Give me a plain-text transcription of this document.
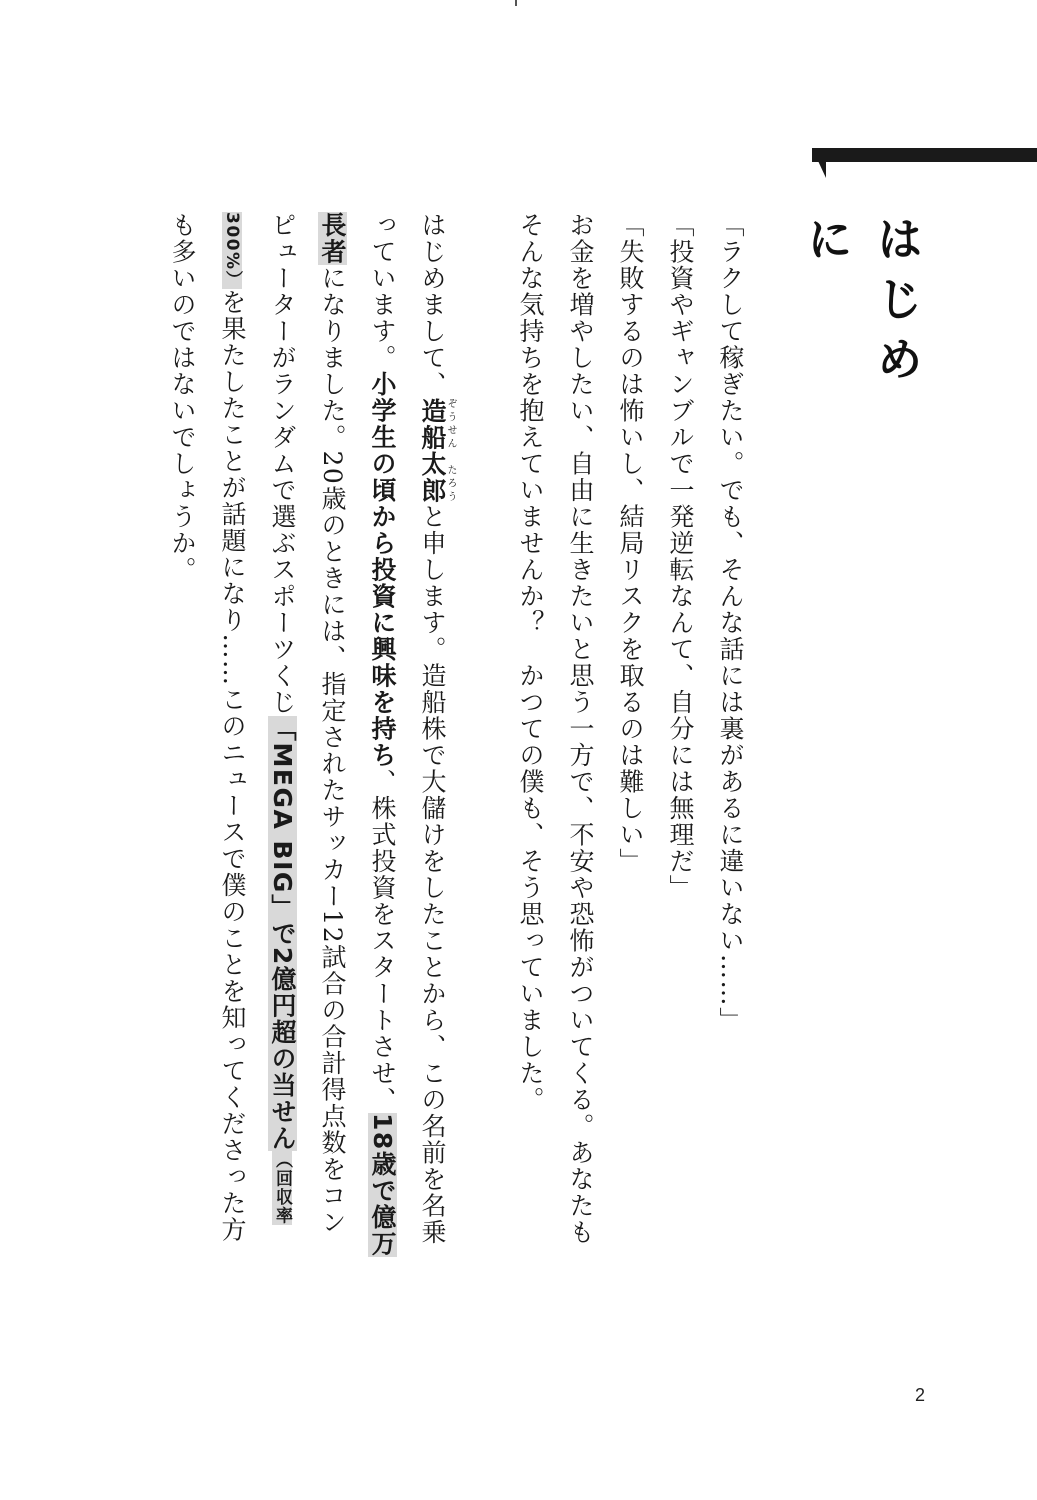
はじめに

「ラクして稼ぎたい。でも、そんな話には裏があるに違いない……」

「投資やギャンブルで一発逆転なんて、自分には無理だ」

「失敗するのは怖いし、結局リスクを取るのは難しい」

お金を増やしたい、自由に生きたいと思う一方で、不安や恐怖がついてくる。あなたもそんな気持ちを抱えていませんか？　かつての僕も、そう思っていました。

はじめまして、造船太郎ぞうせん　たろうと申します。造船株で大儲けをしたことから、この名前を名乗っています。小学生の頃から投資に興味を持ち、株式投資をスタートさせ、18歳で億万長者になりました。20歳のときには、指定されたサッカー12試合の合計得点数をコンピューターがランダムで選ぶスポーツくじ「MEGA BIG」で2億円超の当せん（回収率300%）を果たしたことが話題になり……このニュースで僕のことを知ってくださった方も多いのではないでしょうか。

2
